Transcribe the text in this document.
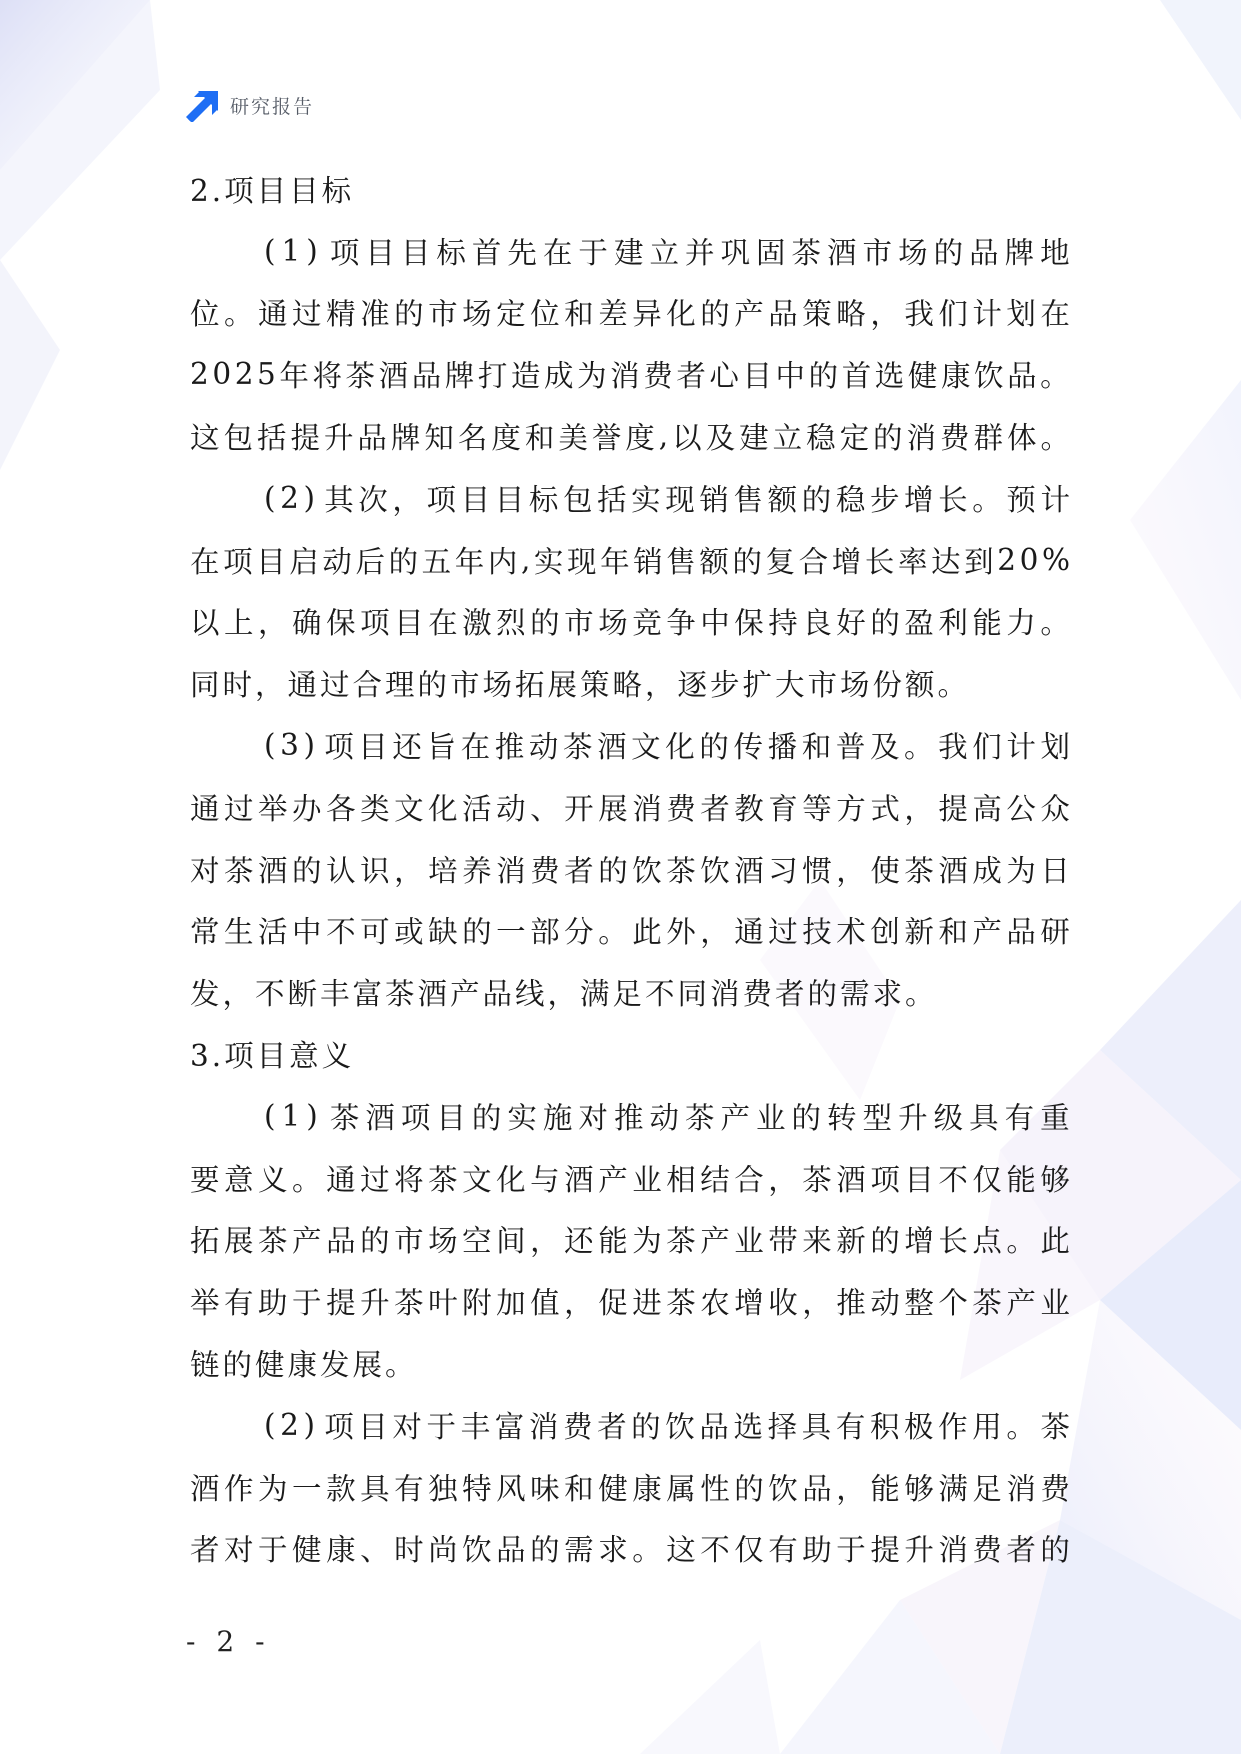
研究报告
2.项目目标
( 1 ) 项 目 目 标 首 先 在 于 建 立 并 巩 固 茶 酒 市 场 的 品 牌 地
位 。 通 过 精 准 的 市 场 定 位 和 差 异 化 的 产 品 策 略 ， 我 们 计 划 在
2 0 2 5 年 将 茶 酒 品 牌 打 造 成 为 消 费 者 心 目 中 的 首 选 健 康 饮 品 。
这 包 括 提 升 品 牌 知 名 度 和 美 誉 度 , 以 及 建 立 稳 定 的 消 费 群 体 。
( 2 ) 其 次 ， 项 目 目 标 包 括 实 现 销 售 额 的 稳 步 增 长 。 预 计
在 项 目 启 动 后 的 五 年 内 , 实 现 年 销 售 额 的 复 合 增 长 率 达 到 2 0 %
以 上 ， 确 保 项 目 在 激 烈 的 市 场 竞 争 中 保 持 良 好 的 盈 利 能 力 。
同时，通过合理的市场拓展策略，逐步扩大市场份额。
( 3 ) 项 目 还 旨 在 推 动 茶 酒 文 化 的 传 播 和 普 及 。 我 们 计 划
通 过 举 办 各 类 文 化 活 动 、 开 展 消 费 者 教 育 等 方 式 ， 提 高 公 众
对 茶 酒 的 认 识 ， 培 养 消 费 者 的 饮 茶 饮 酒 习 惯 ， 使 茶 酒 成 为 日
常 生 活 中 不 可 或 缺 的 一 部 分 。 此 外 ， 通 过 技 术 创 新 和 产 品 研
发，不断丰富茶酒产品线，满足不同消费者的需求。
3.项目意义
( 1 ) 茶 酒 项 目 的 实 施 对 推 动 茶 产 业 的 转 型 升 级 具 有 重
要 意 义 。 通 过 将 茶 文 化 与 酒 产 业 相 结 合 ， 茶 酒 项 目 不 仅 能 够
拓 展 茶 产 品 的 市 场 空 间 ， 还 能 为 茶 产 业 带 来 新 的 增 长 点 。 此
举 有 助 于 提 升 茶 叶 附 加 值 ， 促 进 茶 农 增 收 ， 推 动 整 个 茶 产 业
链的健康发展。
( 2 ) 项 目 对 于 丰 富 消 费 者 的 饮 品 选 择 具 有 积 极 作 用 。 茶
酒 作 为 一 款 具 有 独 特 风 味 和 健 康 属 性 的 饮 品 ， 能 够 满 足 消 费
者 对 于 健 康 、 时 尚 饮 品 的 需 求 。 这 不 仅 有 助 于 提 升 消 费 者 的
- 2 -
